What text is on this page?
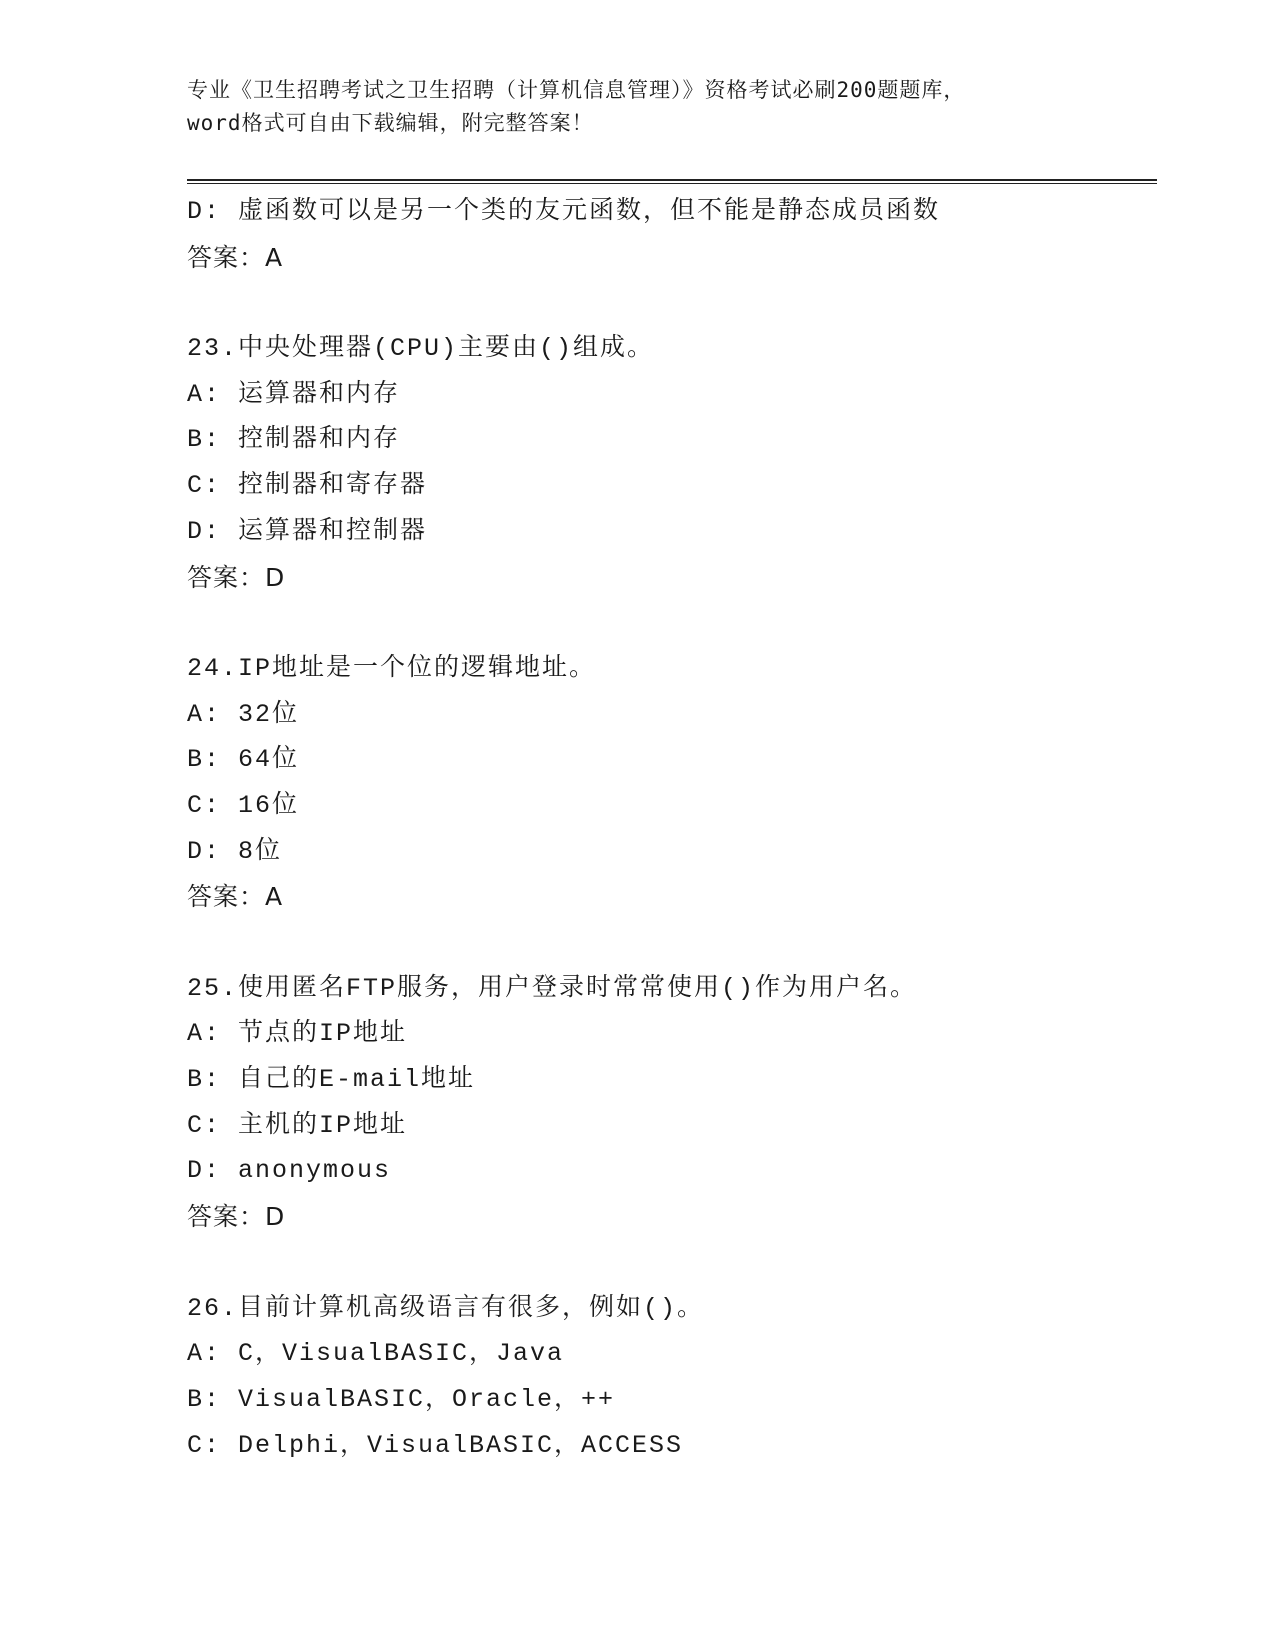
专业《卫生招聘考试之卫生招聘（计算机信息管理）》资格考试必刷200题题库，
word格式可自由下载编辑，附完整答案！
D: 虚函数可以是另一个类的友元函数，但不能是静态成员函数
答案：A
23.中央处理器(CPU)主要由()组成。
A: 运算器和内存
B: 控制器和内存
C: 控制器和寄存器
D: 运算器和控制器
答案：D
24.IP地址是一个位的逻辑地址。
A: 32位
B: 64位
C: 16位
D: 8位
答案：A
25.使用匿名FTP服务，用户登录时常常使用()作为用户名。
A: 节点的IP地址
B: 自己的E-mail地址
C: 主机的IP地址
D: anonymous
答案：D
26.目前计算机高级语言有很多，例如()。
A: C，VisualBASIC，Java
B: VisualBASIC，Oracle，++
C: Delphi，VisualBASIC，ACCESS
